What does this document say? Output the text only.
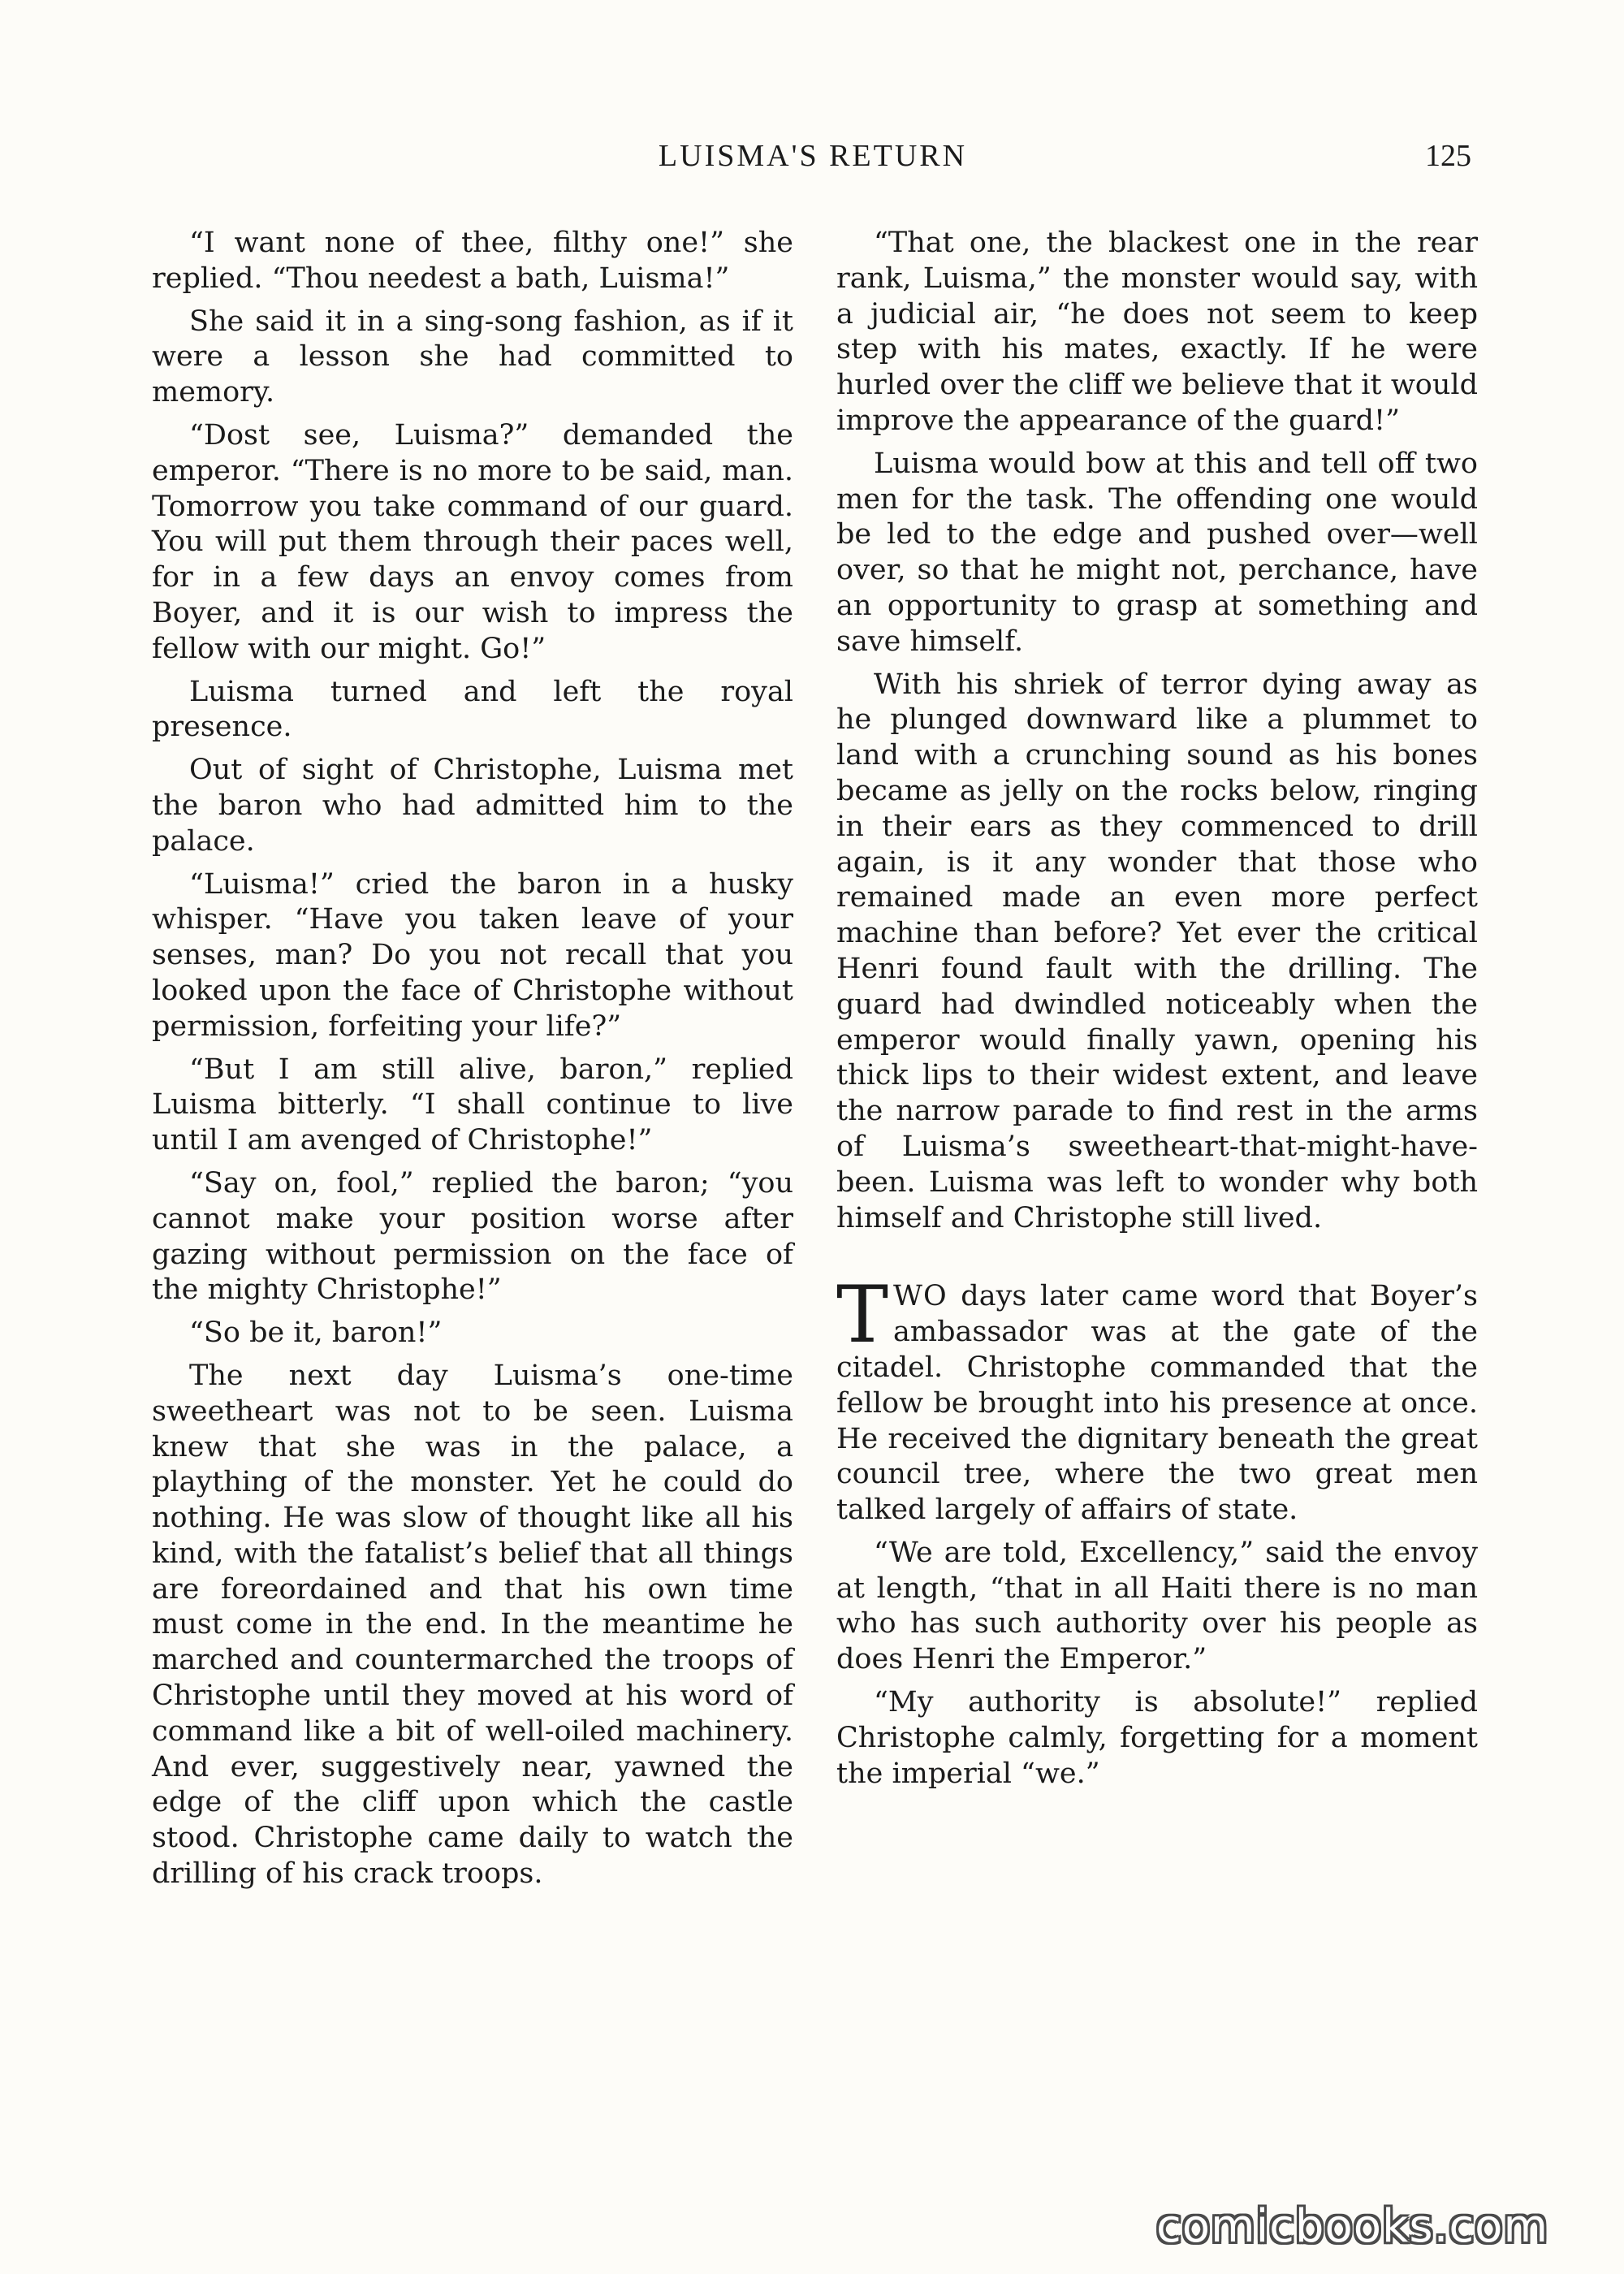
LUISMA'S RETURN	125

“I want none of thee, filthy one!” she replied. “Thou needest a bath, Luisma!”

She said it in a sing-song fashion, as if it were a lesson she had committed to memory.

“Dost see, Luisma?” demanded the emperor. “There is no more to be said, man. Tomorrow you take command of our guard. You will put them through their paces well, for in a few days an envoy comes from Boyer, and it is our wish to impress the fellow with our might. Go!”

Luisma turned and left the royal presence.

Out of sight of Christophe, Luisma met the baron who had admitted him to the palace.

“Luisma!” cried the baron in a husky whisper. “Have you taken leave of your senses, man? Do you not recall that you looked upon the face of Christophe without permission, forfeiting your life?”

“But I am still alive, baron,” replied Luisma bitterly. “I shall continue to live until I am avenged of Christophe!”

“Say on, fool,” replied the baron; “you cannot make your position worse after gazing without permission on the face of the mighty Christophe!”

“So be it, baron!”

The next day Luisma’s one-time sweetheart was not to be seen. Luisma knew that she was in the palace, a plaything of the monster. Yet he could do nothing. He was slow of thought like all his kind, with the fatalist’s belief that all things are foreordained and that his own time must come in the end. In the meantime he marched and countermarched the troops of Christophe until they moved at his word of command like a bit of well-oiled machinery. And ever, suggestively near, yawned the edge of the cliff upon which the castle stood. Christophe came daily to watch the drilling of his crack troops.

“That one, the blackest one in the rear rank, Luisma,” the monster would say, with a judicial air, “he does not seem to keep step with his mates, exactly. If he were hurled over the cliff we believe that it would improve the appearance of the guard!”

Luisma would bow at this and tell off two men for the task. The offending one would be led to the edge and pushed over—well over, so that he might not, perchance, have an opportunity to grasp at something and save himself.

With his shriek of terror dying away as he plunged downward like a plummet to land with a crunching sound as his bones became as jelly on the rocks below, ringing in their ears as they commenced to drill again, is it any wonder that those who remained made an even more perfect machine than before? Yet ever the critical Henri found fault with the drilling. The guard had dwindled noticeably when the emperor would finally yawn, opening his thick lips to their widest extent, and leave the narrow parade to find rest in the arms of Luisma’s sweetheart-that-might-have-been. Luisma was left to wonder why both himself and Christophe still lived.

TWO days later came word that Boyer’s ambassador was at the gate of the citadel. Christophe commanded that the fellow be brought into his presence at once. He received the dignitary beneath the great council tree, where the two great men talked largely of affairs of state.

“We are told, Excellency,” said the envoy at length, “that in all Haiti there is no man who has such authority over his people as does Henri the Emperor.”

“My authority is absolute!” replied Christophe calmly, forgetting for a moment the imperial “we.”

comicbooks.com
